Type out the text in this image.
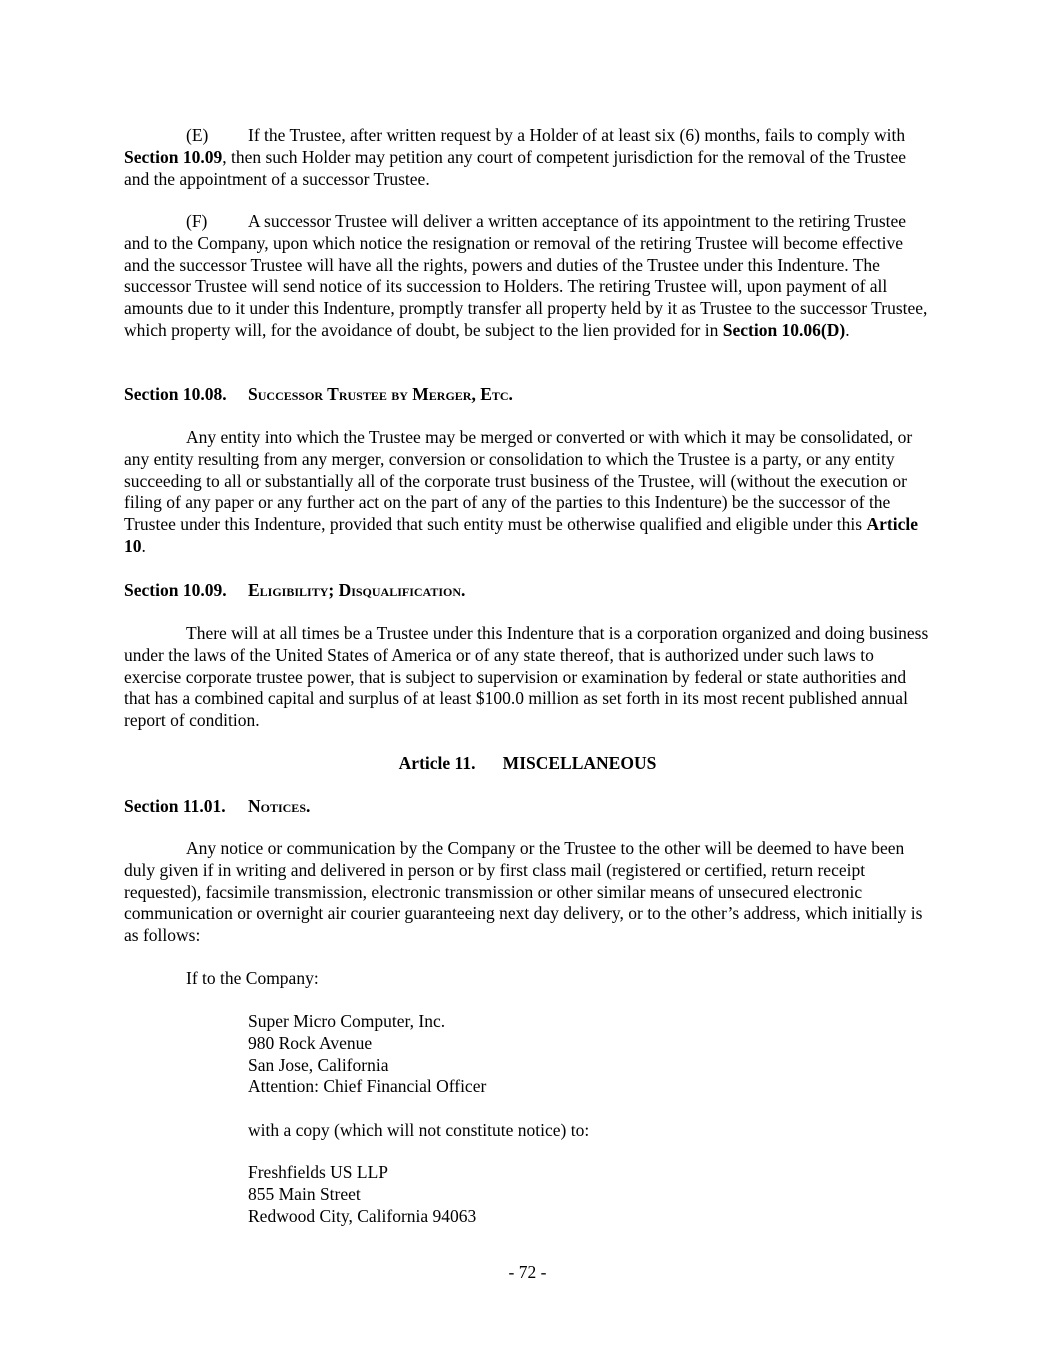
(E) If the Trustee, after written request by a Holder of at least six (6) months, fails to comply with Section 10.09, then such Holder may petition any court of competent jurisdiction for the removal of the Trustee and the appointment of a successor Trustee.

(F) A successor Trustee will deliver a written acceptance of its appointment to the retiring Trustee and to the Company, upon which notice the resignation or removal of the retiring Trustee will become effective and the successor Trustee will have all the rights, powers and duties of the Trustee under this Indenture. The successor Trustee will send notice of its succession to Holders. The retiring Trustee will, upon payment of all amounts due to it under this Indenture, promptly transfer all property held by it as Trustee to the successor Trustee, which property will, for the avoidance of doubt, be subject to the lien provided for in Section 10.06(D).

Section 10.08. Successor Trustee by Merger, Etc.

Any entity into which the Trustee may be merged or converted or with which it may be consolidated, or any entity resulting from any merger, conversion or consolidation to which the Trustee is a party, or any entity succeeding to all or substantially all of the corporate trust business of the Trustee, will (without the execution or filing of any paper or any further act on the part of any of the parties to this Indenture) be the successor of the Trustee under this Indenture, provided that such entity must be otherwise qualified and eligible under this Article 10.

Section 10.09. Eligibility; Disqualification.

There will at all times be a Trustee under this Indenture that is a corporation organized and doing business under the laws of the United States of America or of any state thereof, that is authorized under such laws to exercise corporate trustee power, that is subject to supervision or examination by federal or state authorities and that has a combined capital and surplus of at least $100.0 million as set forth in its most recent published annual report of condition.

Article 11. MISCELLANEOUS

Section 11.01. Notices.

Any notice or communication by the Company or the Trustee to the other will be deemed to have been duly given if in writing and delivered in person or by first class mail (registered or certified, return receipt requested), facsimile transmission, electronic transmission or other similar means of unsecured electronic communication or overnight air courier guaranteeing next day delivery, or to the other’s address, which initially is as follows:

If to the Company:

Super Micro Computer, Inc.
980 Rock Avenue
San Jose, California
Attention: Chief Financial Officer

with a copy (which will not constitute notice) to:

Freshfields US LLP
855 Main Street
Redwood City, California 94063

- 72 -
